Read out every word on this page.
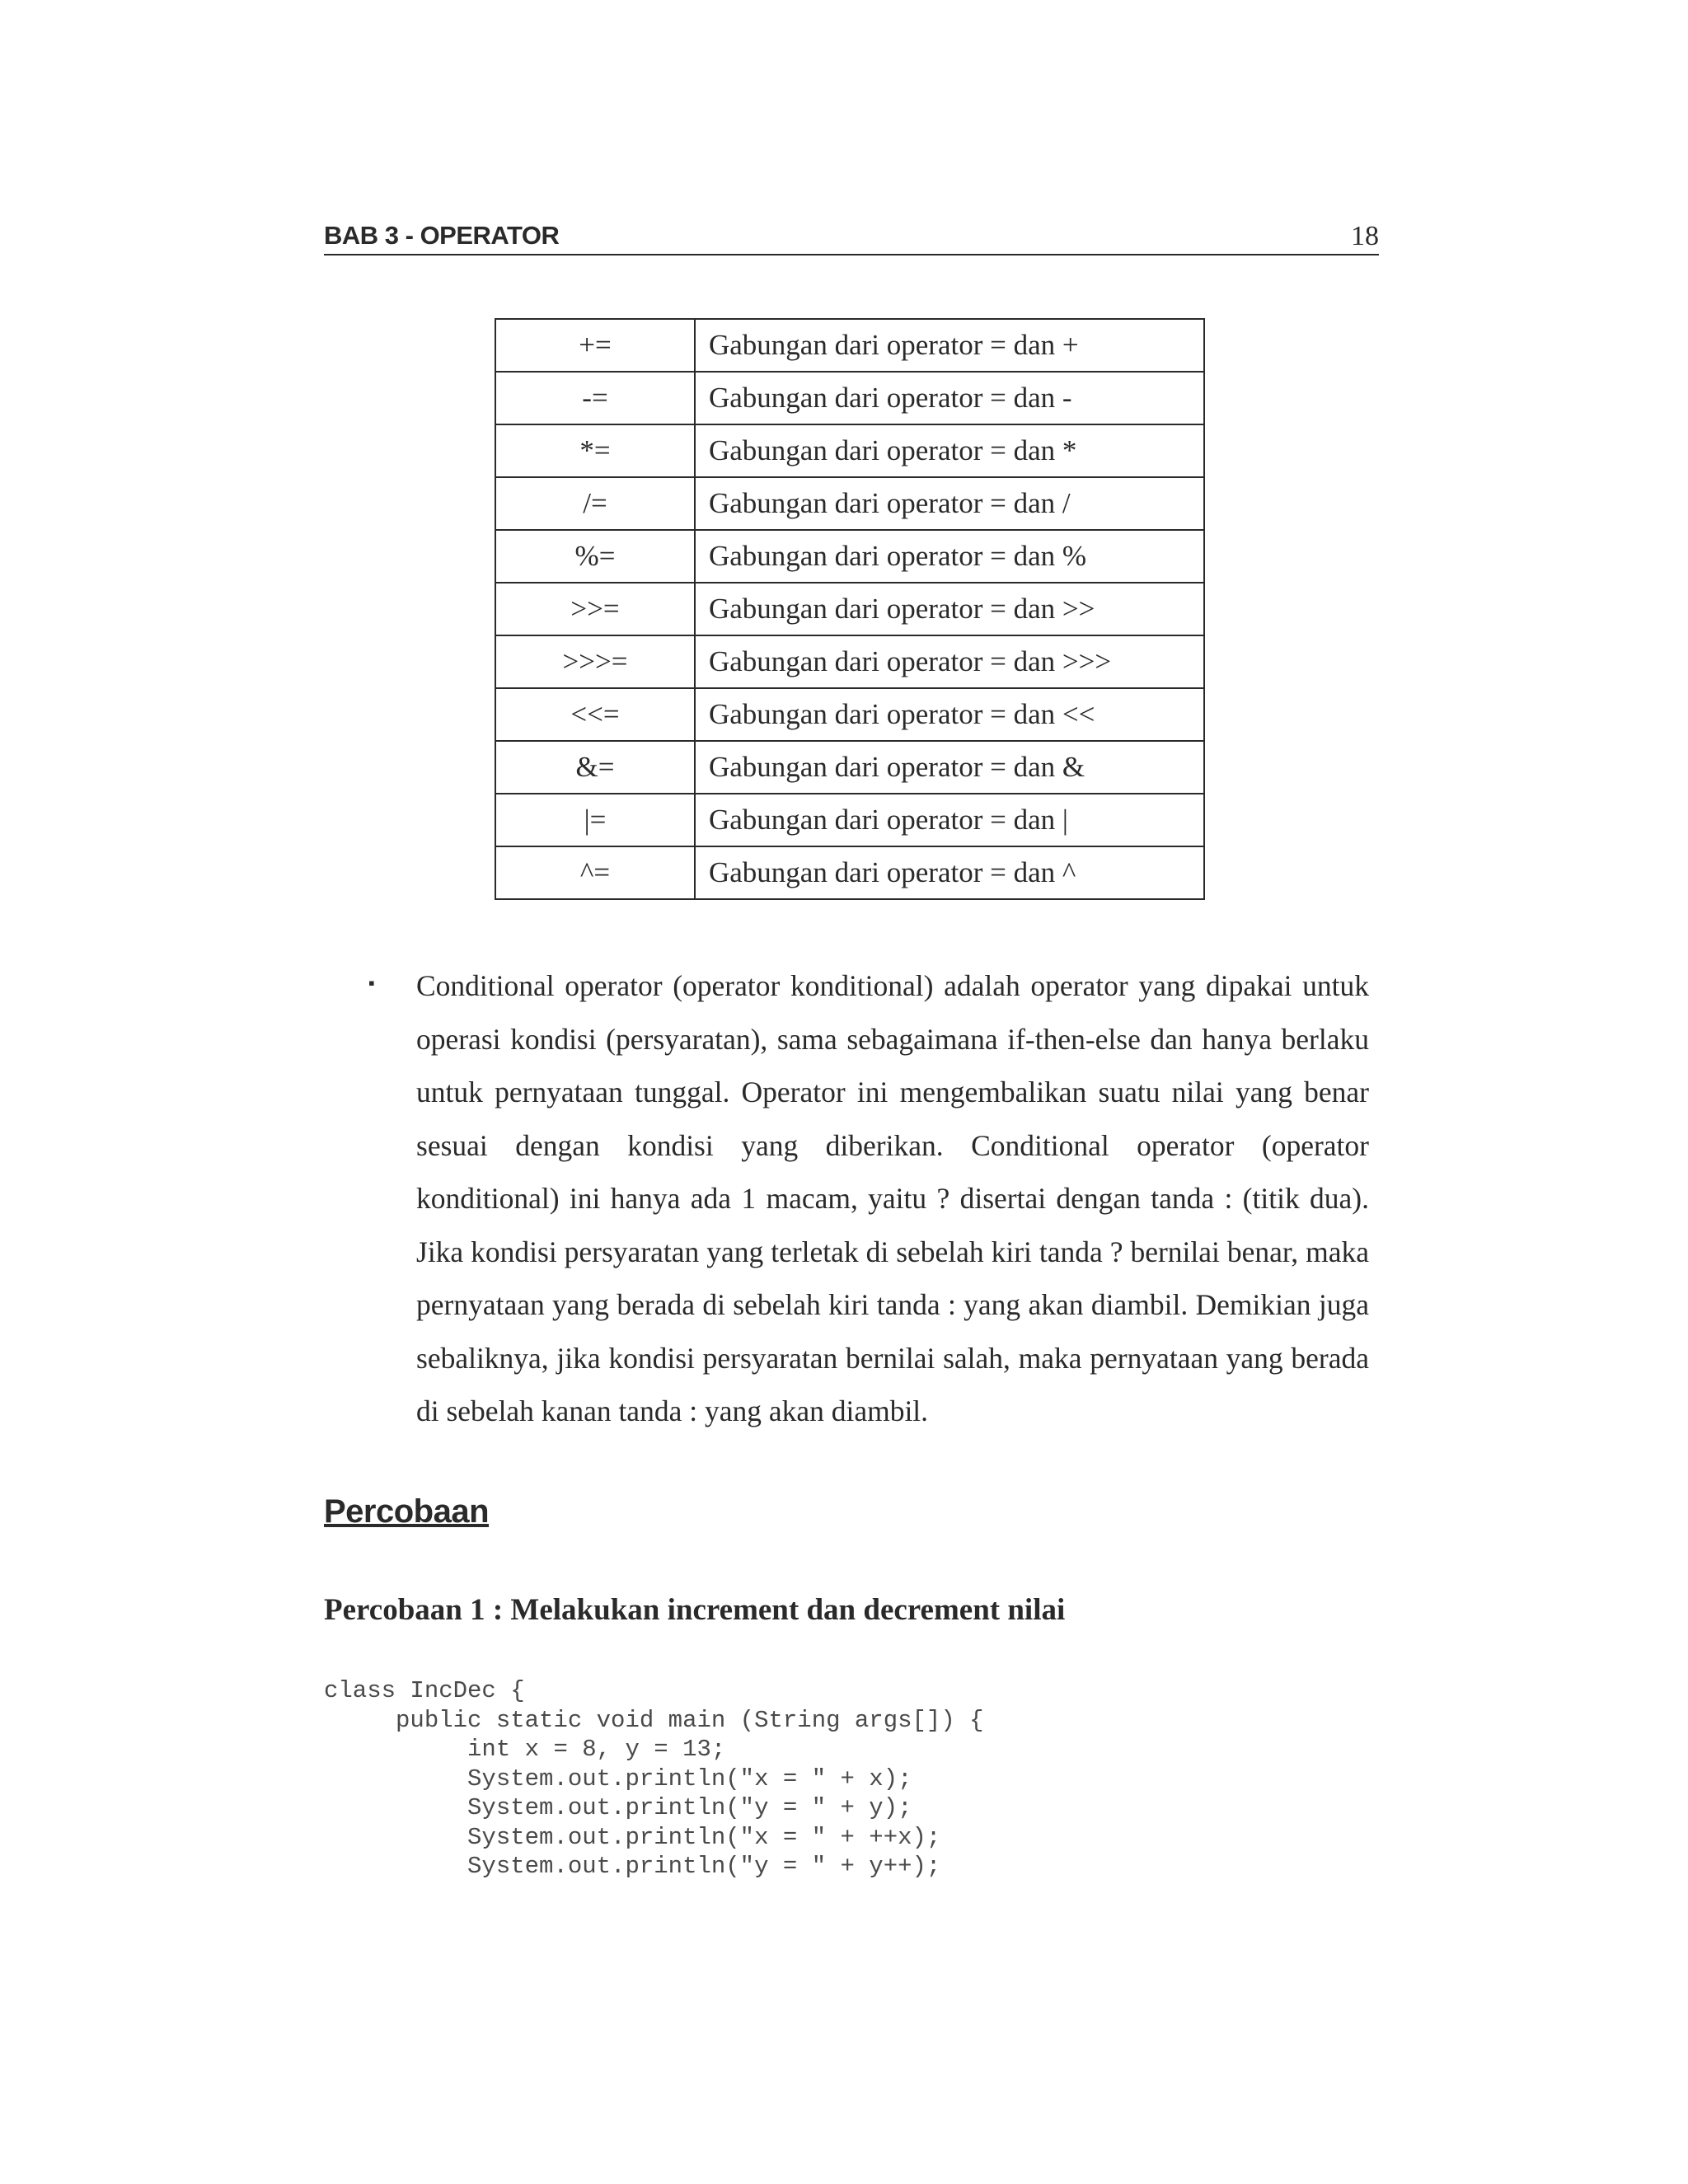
BAB 3 - OPERATOR	18
+=	Gabungan dari operator = dan +
-=	Gabungan dari operator = dan -
*=	Gabungan dari operator = dan *
/=	Gabungan dari operator = dan /
%=	Gabungan dari operator = dan %
>>=	Gabungan dari operator = dan >>
>>>=	Gabungan dari operator = dan >>>
<<=	Gabungan dari operator = dan <<
&=	Gabungan dari operator = dan &
|=	Gabungan dari operator = dan |
^=	Gabungan dari operator = dan ^
▪ Conditional operator (operator konditional) adalah operator yang dipakai untuk operasi kondisi (persyaratan), sama sebagaimana if-then-else dan hanya berlaku untuk pernyataan tunggal. Operator ini mengembalikan suatu nilai yang benar sesuai dengan kondisi yang diberikan. Conditional operator (operator konditional) ini hanya ada 1 macam, yaitu ? disertai dengan tanda : (titik dua). Jika kondisi persyaratan yang terletak di sebelah kiri tanda ? bernilai benar, maka pernyataan yang berada di sebelah kiri tanda : yang akan diambil. Demikian juga sebaliknya, jika kondisi persyaratan bernilai salah, maka pernyataan yang berada di sebelah kanan tanda : yang akan diambil.

Percobaan
Percobaan 1 : Melakukan increment dan decrement nilai
class IncDec {
public static void main (String args[]) {
int x = 8, y = 13;
System.out.println("x = " + x);
System.out.println("y = " + y);
System.out.println("x = " + ++x);
System.out.println("y = " + y++);
